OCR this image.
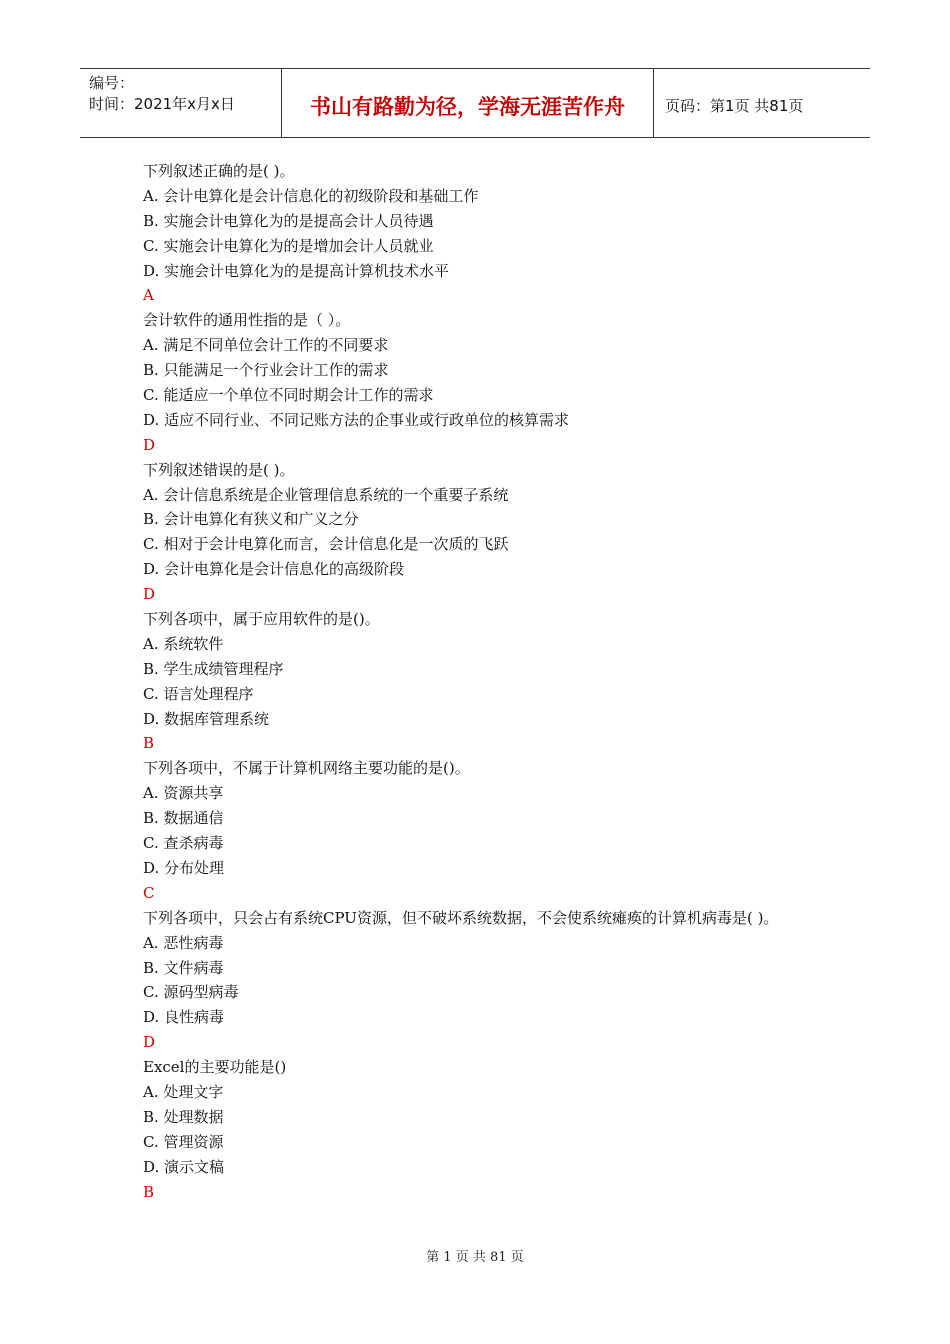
编号：
时间：2021年x月x日	书山有路勤为径，学海无涯苦作舟	页码：第1页 共81页
下列叙述正确的是( )。
A. 会计电算化是会计信息化的初级阶段和基础工作
B. 实施会计电算化为的是提高会计人员待遇
C. 实施会计电算化为的是增加会计人员就业
D. 实施会计电算化为的是提高计算机技术水平
A
会计软件的通用性指的是（ ）。
A. 满足不同单位会计工作的不同要求
B. 只能满足一个行业会计工作的需求
C. 能适应一个单位不同时期会计工作的需求
D. 适应不同行业、不同记账方法的企事业或行政单位的核算需求
D
下列叙述错误的是( )。
A. 会计信息系统是企业管理信息系统的一个重要子系统
B. 会计电算化有狭义和广义之分
C. 相对于会计电算化而言，会计信息化是一次质的飞跃
D. 会计电算化是会计信息化的高级阶段
D
下列各项中，属于应用软件的是()。
A. 系统软件
B. 学生成绩管理程序
C. 语言处理程序
D. 数据库管理系统
B
下列各项中，不属于计算机网络主要功能的是()。
A. 资源共享
B. 数据通信
C. 查杀病毒
D. 分布处理
C
下列各项中，只会占有系统CPU资源，但不破坏系统数据，不会使系统瘫痪的计算机病毒是( )。
A. 恶性病毒
B. 文件病毒
C. 源码型病毒
D. 良性病毒
D
Excel的主要功能是()
A. 处理文字
B. 处理数据
C. 管理资源
D. 演示文稿
B
第 1 页 共 81 页
